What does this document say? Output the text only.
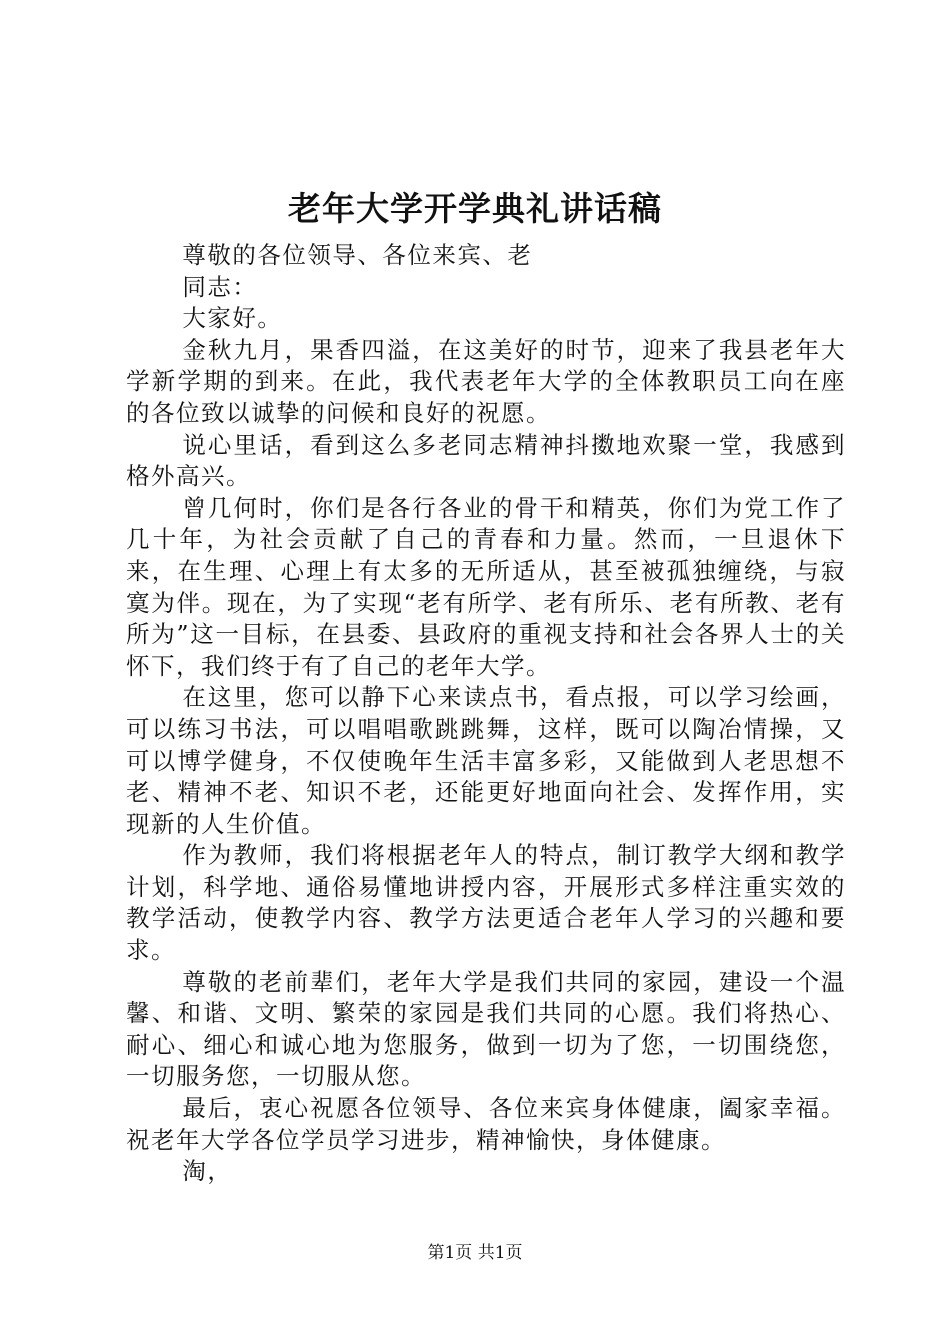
老年大学开学典礼讲话稿

尊敬的各位领导、各位来宾、老

同志：

大家好。

金秋九月，果香四溢，在这美好的时节，迎来了我县老年大学新学期的到来。在此，我代表老年大学的全体教职员工向在座的各位致以诚挚的问候和良好的祝愿。

说心里话，看到这么多老同志精神抖擞地欢聚一堂，我感到格外高兴。

曾几何时，你们是各行各业的骨干和精英，你们为党工作了几十年，为社会贡献了自己的青春和力量。然而，一旦退休下来，在生理、心理上有太多的无所适从，甚至被孤独缠绕，与寂寞为伴。现在，为了实现“老有所学、老有所乐、老有所教、老有所为”这一目标，在县委、县政府的重视支持和社会各界人士的关怀下，我们终于有了自己的老年大学。

在这里，您可以静下心来读点书，看点报，可以学习绘画，可以练习书法，可以唱唱歌跳跳舞，这样，既可以陶冶情操，又可以博学健身，不仅使晚年生活丰富多彩，又能做到人老思想不老、精神不老、知识不老，还能更好地面向社会、发挥作用，实现新的人生价值。

作为教师，我们将根据老年人的特点，制订教学大纲和教学计划，科学地、通俗易懂地讲授内容，开展形式多样注重实效的教学活动，使教学内容、教学方法更适合老年人学习的兴趣和要求。

尊敬的老前辈们，老年大学是我们共同的家园，建设一个温馨、和谐、文明、繁荣的家园是我们共同的心愿。我们将热心、耐心、细心和诚心地为您服务，做到一切为了您，一切围绕您，一切服务您，一切服从您。

最后，衷心祝愿各位领导、各位来宾身体健康，阖家幸福。祝老年大学各位学员学习进步，精神愉快，身体健康。

淘，

第1页 共1页
